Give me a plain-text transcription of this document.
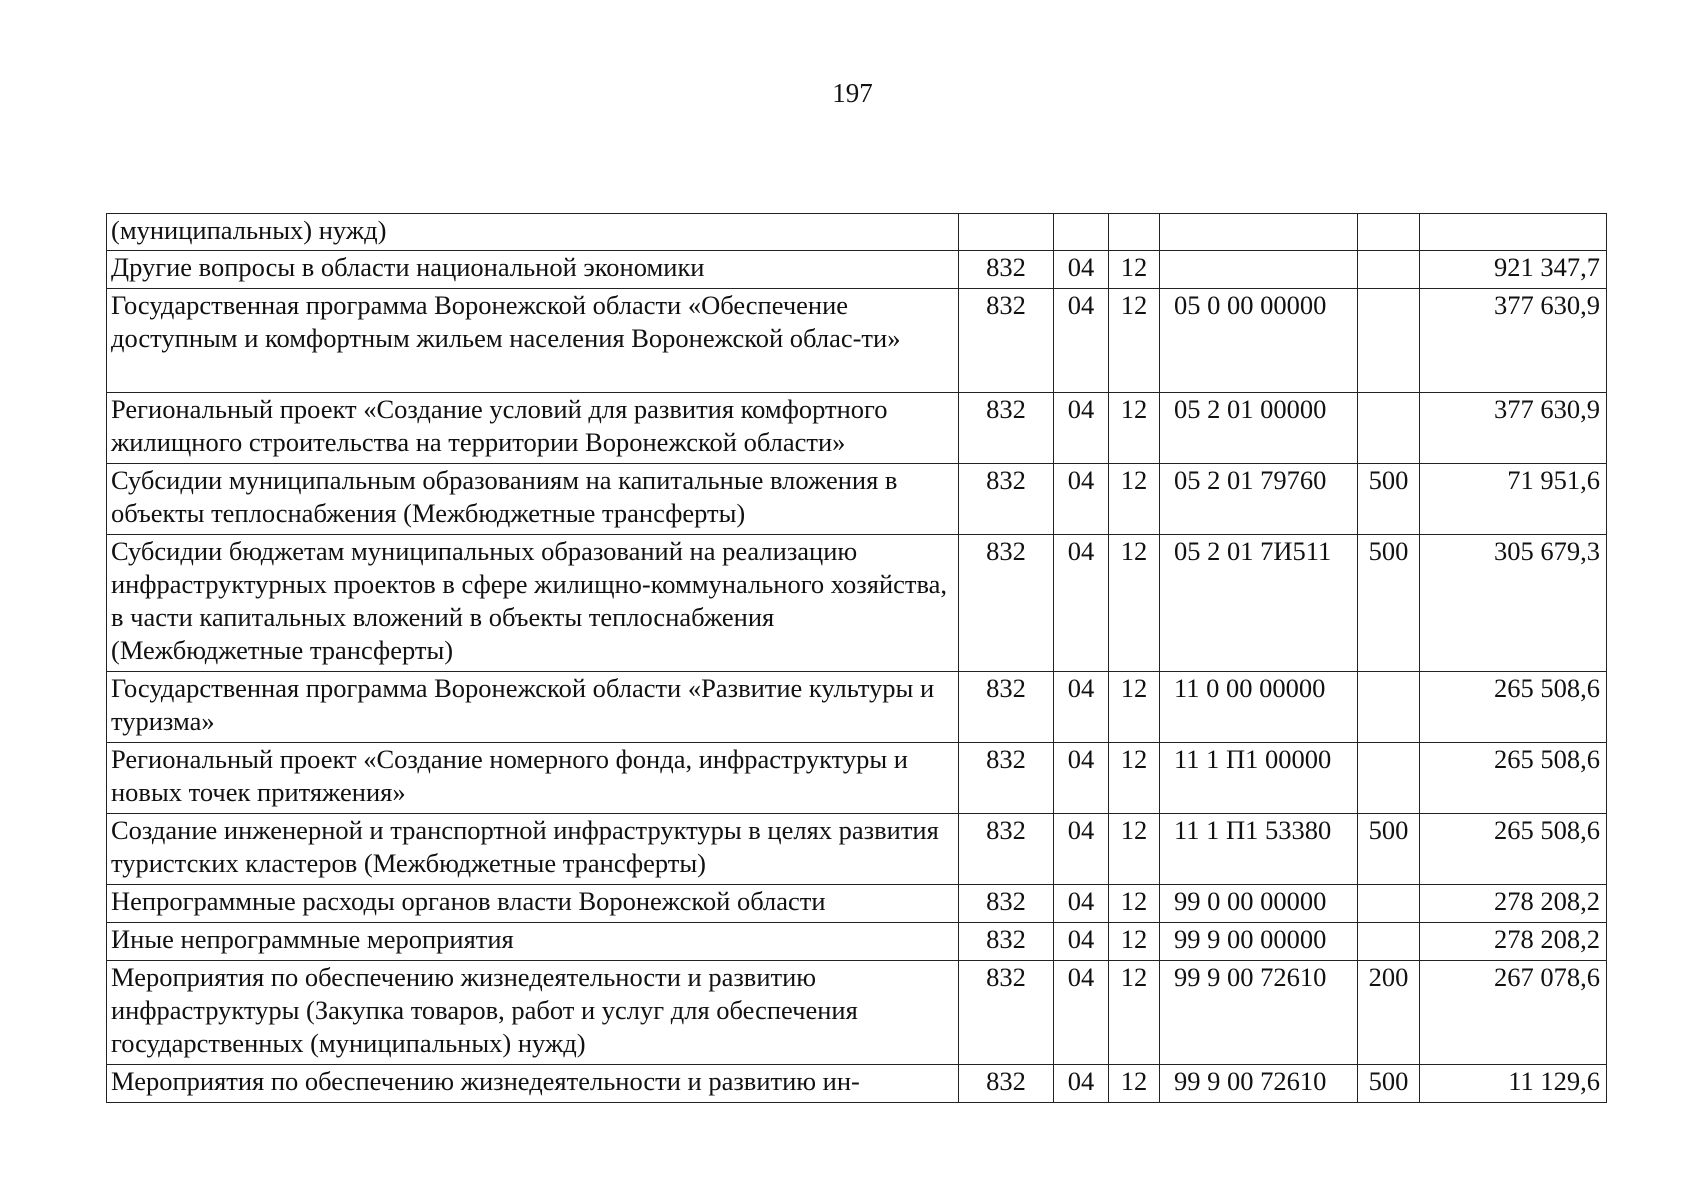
197
(муниципальных) нужд)						
Другие вопросы в области национальной экономики	832	04	12			921 347,7
Государственная программа Воронежской области «Обеспечение доступным и комфортным жильем населения Воронежской облас-ти»	832	04	12	05 0 00 00000		377 630,9
Региональный проект «Создание условий для развития комфортного жилищного строительства на территории Воронежской области»	832	04	12	05 2 01 00000		377 630,9
Субсидии муниципальным образованиям на капитальные вложения в объекты теплоснабжения (Межбюджетные трансферты)	832	04	12	05 2 01 79760	500	71 951,6
Субсидии бюджетам муниципальных образований на реализацию инфраструктурных проектов в сфере жилищно-коммунального хозяйства, в части капитальных вложений в объекты теплоснабжения (Межбюджетные трансферты)	832	04	12	05 2 01 7И511	500	305 679,3
Государственная программа Воронежской области «Развитие культуры и туризма»	832	04	12	11 0 00 00000		265 508,6
Региональный проект «Создание номерного фонда, инфраструктуры и новых точек притяжения»	832	04	12	11 1 П1 00000		265 508,6
Создание инженерной и транспортной инфраструктуры в целях развития туристских кластеров (Межбюджетные трансферты)	832	04	12	11 1 П1 53380	500	265 508,6
Непрограммные расходы органов власти Воронежской области	832	04	12	99 0 00 00000		278 208,2
Иные непрограммные мероприятия	832	04	12	99 9 00 00000		278 208,2
Мероприятия по обеспечению жизнедеятельности и развитию инфраструктуры (Закупка товаров, работ и услуг для обеспечения государственных (муниципальных) нужд)	832	04	12	99 9 00 72610	200	267 078,6
Мероприятия по обеспечению жизнедеятельности и развитию ин-	832	04	12	99 9 00 72610	500	11 129,6
